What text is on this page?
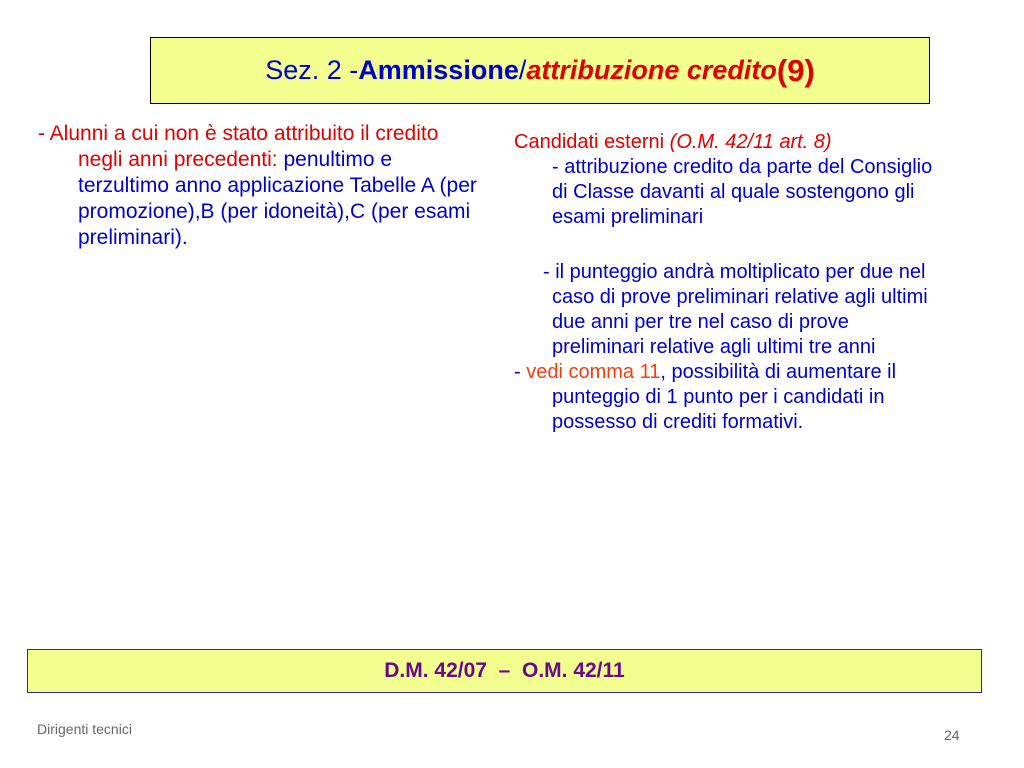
Sez. 2 - Ammissione / attribuzione credito (9)

- Alunni a cui non è stato attribuito il credito negli anni precedenti: penultimo e terzultimo anno applicazione Tabelle A (per promozione),B (per idoneità),C (per esami preliminari).

Candidati esterni (O.M. 42/11 art. 8)

- attribuzione credito da parte del Consiglio di Classe davanti al quale sostengono gli esami preliminari

- il punteggio andrà moltiplicato per due nel caso di prove preliminari relative agli ultimi due anni per tre nel caso di prove preliminari relative agli ultimi tre anni

- vedi comma 11, possibilità di aumentare il punteggio di 1 punto per i candidati in possesso di crediti formativi.

D.M. 42/07  –  O.M. 42/11
Dirigenti tecnici	24
